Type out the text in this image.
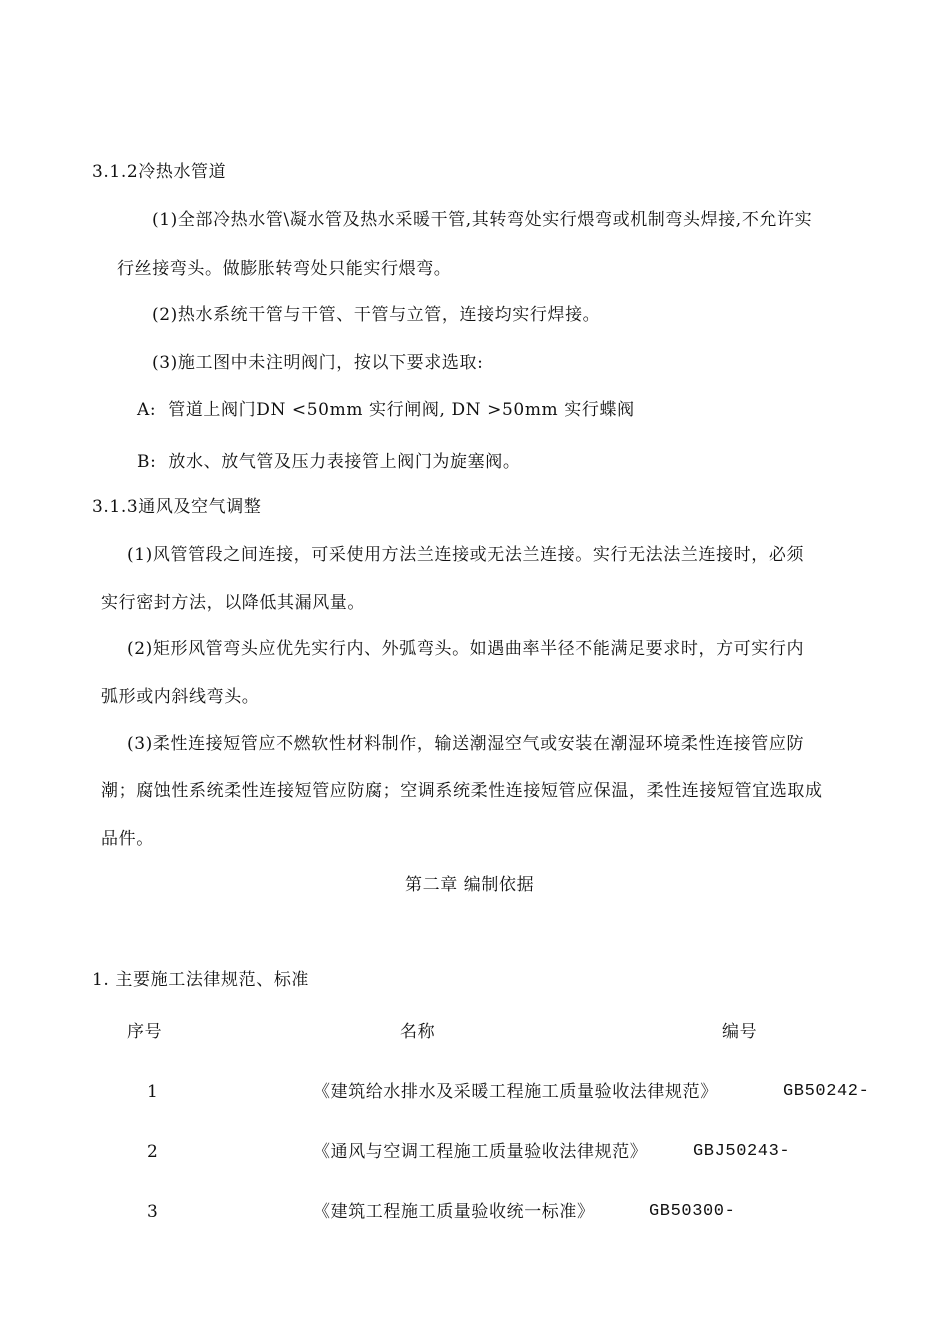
3.1.2冷热水管道
(1)全部冷热水管\凝水管及热水采暖干管,其转弯处实行煨弯或机制弯头焊接,不允许实
行丝接弯头。做膨胀转弯处只能实行煨弯。
(2)热水系统干管与干管、干管与立管，连接均实行焊接。
(3)施工图中未注明阀门，按以下要求选取:
A: 管道上阀门DN <50mm 实行闸阀, DN >50mm 实行蝶阀
B: 放水、放气管及压力表接管上阀门为旋塞阀。
3.1.3通风及空气调整
(1)风管管段之间连接，可采使用方法兰连接或无法兰连接。实行无法法兰连接时，必须
实行密封方法，以降低其漏风量。
(2)矩形风管弯头应优先实行内、外弧弯头。如遇曲率半径不能满足要求时，方可实行内
弧形或内斜线弯头。
(3)柔性连接短管应不燃软性材料制作，输送潮湿空气或安装在潮湿环境柔性连接管应防
潮；腐蚀性系统柔性连接短管应防腐；空调系统柔性连接短管应保温，柔性连接短管宜选取成
品件。
第二章 编制依据
1. 主要施工法律规范、标准
序号	名称	编号
1	《建筑给水排水及采暖工程施工质量验收法律规范》	GB50242-
2	《通风与空调工程施工质量验收法律规范》	GBJ50243-
3	《建筑工程施工质量验收统一标准》	GB50300-
